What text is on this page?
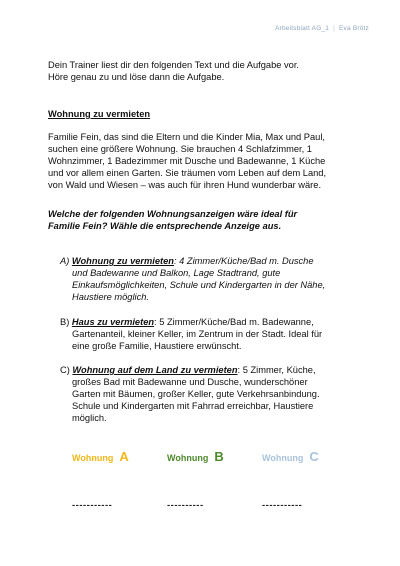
Arbeitsblatt AG_1 | Eva Brötz
Dein Trainer liest dir den folgenden Text und die Aufgabe vor.
Höre genau zu und löse dann die Aufgabe.
Wohnung zu vermieten
Familie Fein, das sind die Eltern und die Kinder Mia, Max und Paul,
suchen eine größere Wohnung. Sie brauchen 4 Schlafzimmer, 1
Wohnzimmer, 1 Badezimmer mit Dusche und Badewanne, 1 Küche
und vor allem einen Garten. Sie träumen vom Leben auf dem Land,
von Wald und Wiesen – was auch für ihren Hund wunderbar wäre.
Welche der folgenden Wohnungsanzeigen wäre ideal für
Familie Fein? Wähle die entsprechende Anzeige aus.
A) Wohnung zu vermieten: 4 Zimmer/Küche/Bad m. Dusche
und Badewanne und Balkon, Lage Stadtrand, gute
Einkaufsmöglichkeiten, Schule und Kindergarten in der Nähe,
Haustiere möglich.
B) Haus zu vermieten: 5 Zimmer/Küche/Bad m. Badewanne,
Gartenanteil, kleiner Keller, im Zentrum in der Stadt. Ideal für
eine große Familie, Haustiere erwünscht.
C) Wohnung auf dem Land zu vermieten: 5 Zimmer, Küche,
großes Bad mit Badewanne und Dusche, wunderschöner
Garten mit Bäumen, großer Keller, gute Verkehrsanbindung.
Schule und Kindergarten mit Fahrrad erreichbar, Haustiere
möglich.
Wohnung A	Wohnung B	Wohnung C
-----------	----------	-----------
